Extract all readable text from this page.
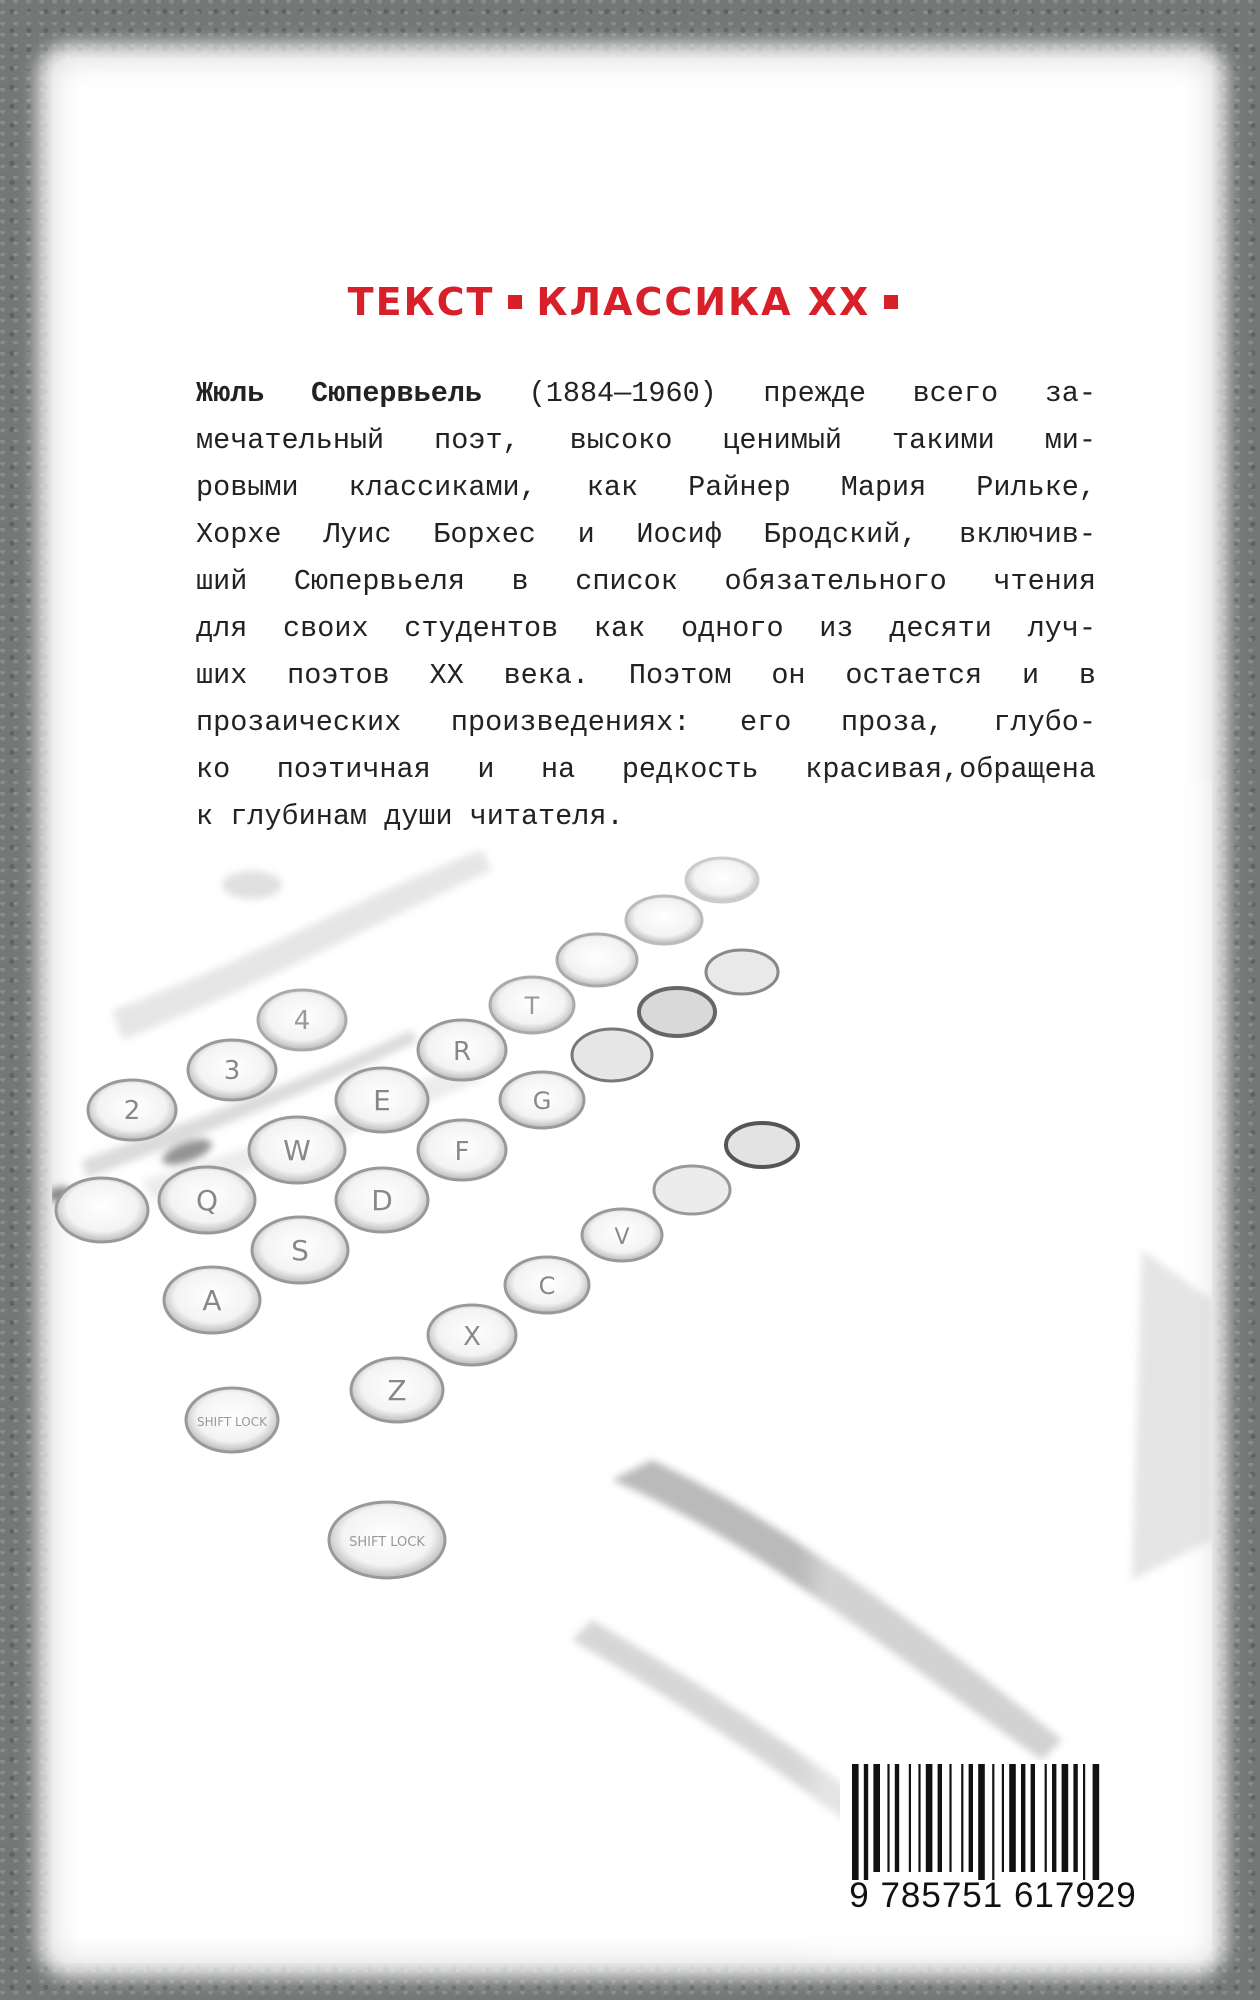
ТЕКСТ КЛАССИКА XX
Жюль Сюпервьель (1884—1960) прежде всего за-
мечательный поэт, высоко ценимый такими ми-
ровыми классиками, как Райнер Мария Рильке,
Хорхе Луис Борхес и Иосиф Бродский, включив-
ший Сюпервьеля в список обязательного чтения
для своих студентов как одного из десяти луч-
ших поэтов XX века. Поэтом он остается и в
прозаических произведениях: его проза, глубо-
ко поэтичная и на редкость красивая,обращена
к глубинам души читателя.
2
3
4
Q
W
E
R
T
A
S
D
F
G
Z
X
C
V
SHIFT LOCK
SHIFT LOCK
9 785751 617929
